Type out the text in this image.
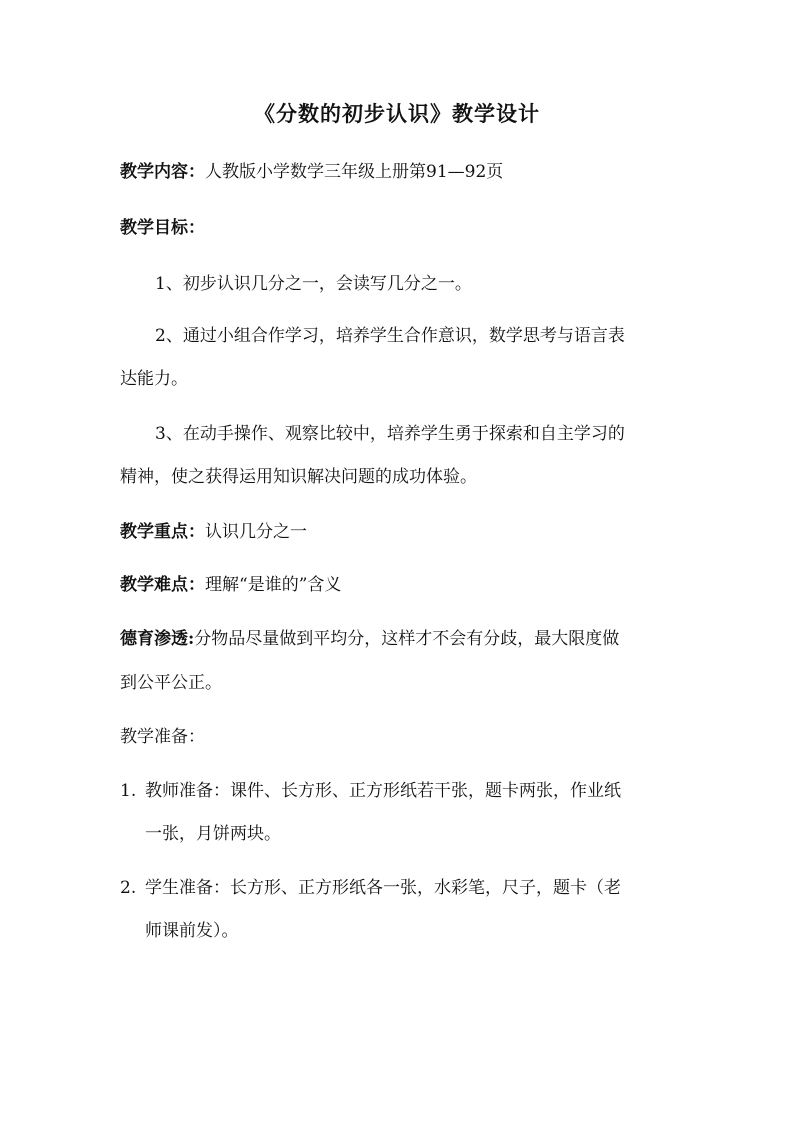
《分数的初步认识》教学设计
教学内容：人教版小学数学三年级上册第91—92页
教学目标：
1、初步认识几分之一，会读写几分之一。
2、通过小组合作学习，培养学生合作意识，数学思考与语言表
达能力。
3、在动手操作、观察比较中，培养学生勇于探索和自主学习的
精神，使之获得运用知识解决问题的成功体验。
教学重点：认识几分之一
教学难点：理解“是谁的”含义
德育渗透:分物品尽量做到平均分，这样才不会有分歧，最大限度做
到公平公正。
教学准备：
1. 教师准备：课件、长方形、正方形纸若干张，题卡两张，作业纸
一张，月饼两块。
2. 学生准备：长方形、正方形纸各一张，水彩笔，尺子，题卡（老
师课前发）。
